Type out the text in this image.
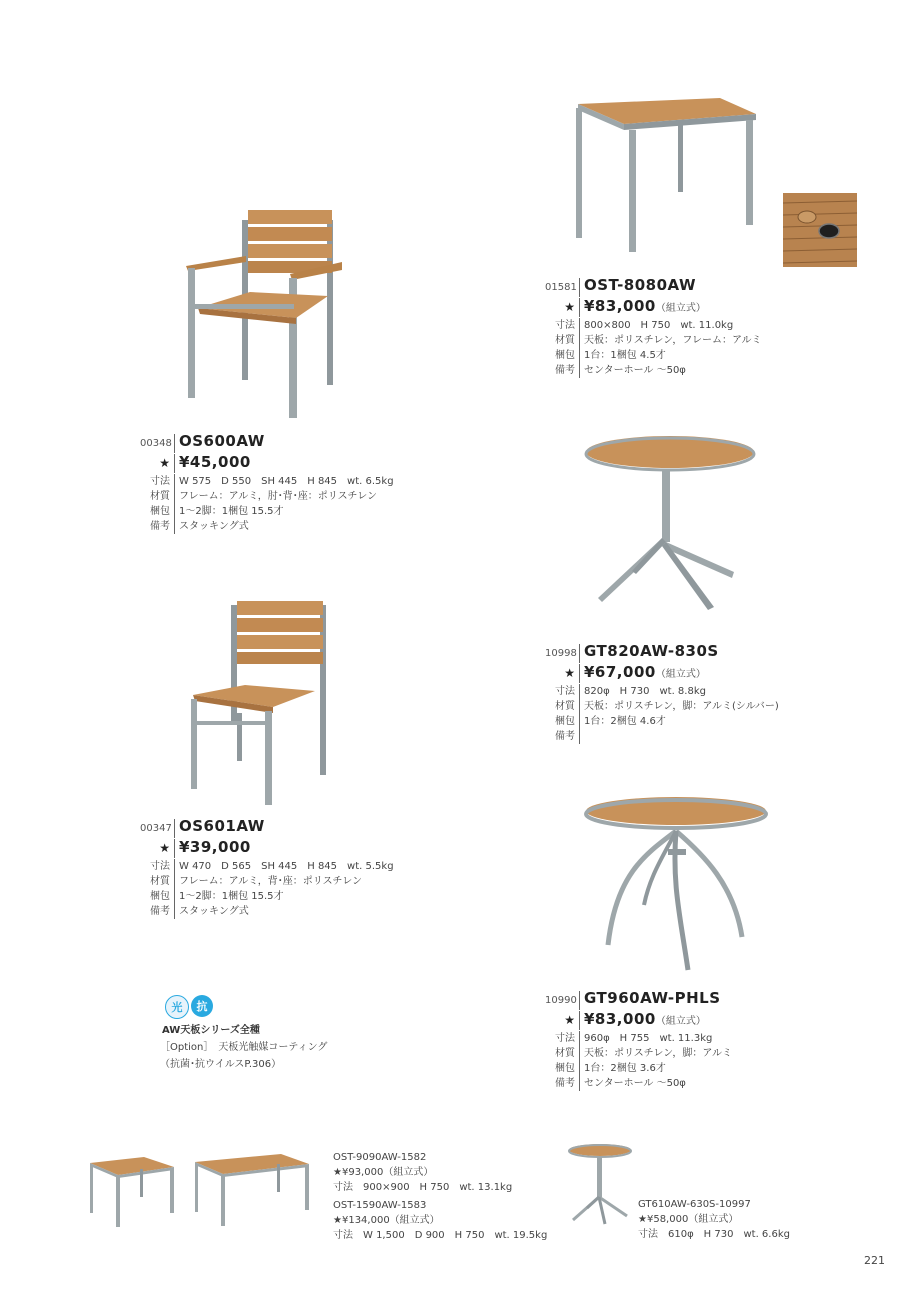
00348 OS600AW
★ ¥45,000
寸法 W 575　D 550　SH 445　H 845　wt. 6.5kg
材質 フレーム：アルミ，肘･背･座：ポリスチレン
梱包 1～2脚：1梱包 15.5才
備考 スタッキング式
01581 OST-8080AW
★ ¥83,000（組立式）
寸法 800×800　H 750　wt. 11.0kg
材質 天板：ポリスチレン，フレーム：アルミ
梱包 1台：1梱包 4.5才
備考 センターホール ～50φ
10998 GT820AW-830S
★ ¥67,000（組立式）
寸法 820φ　H 730　wt. 8.8kg
材質 天板：ポリスチレン，脚：アルミ(シルバー)
梱包 1台：2梱包 4.6才
備考
00347 OS601AW
★ ¥39,000
寸法 W 470　D 565　SH 445　H 845　wt. 5.5kg
材質 フレーム：アルミ，背･座：ポリスチレン
梱包 1～2脚：1梱包 15.5才
備考 スタッキング式
10990 GT960AW-PHLS
★ ¥83,000（組立式）
寸法 960φ　H 755　wt. 11.3kg
材質 天板：ポリスチレン，脚：アルミ
梱包 1台：2梱包 3.6才
備考 センターホール ～50φ
光	抗
AW天板シリーズ全種
［Option］　天板光触媒コーティング
（抗菌･抗ウイルスP.306）
OST-9090AW-1582
★¥93,000（組立式）
寸法　900×900　H 750　wt. 13.1kg
OST-1590AW-1583
★¥134,000（組立式）
寸法　W 1,500　D 900　H 750　wt. 19.5kg
GT610AW-630S-10997
★¥58,000（組立式）
寸法　610φ　H 730　wt. 6.6kg
221
